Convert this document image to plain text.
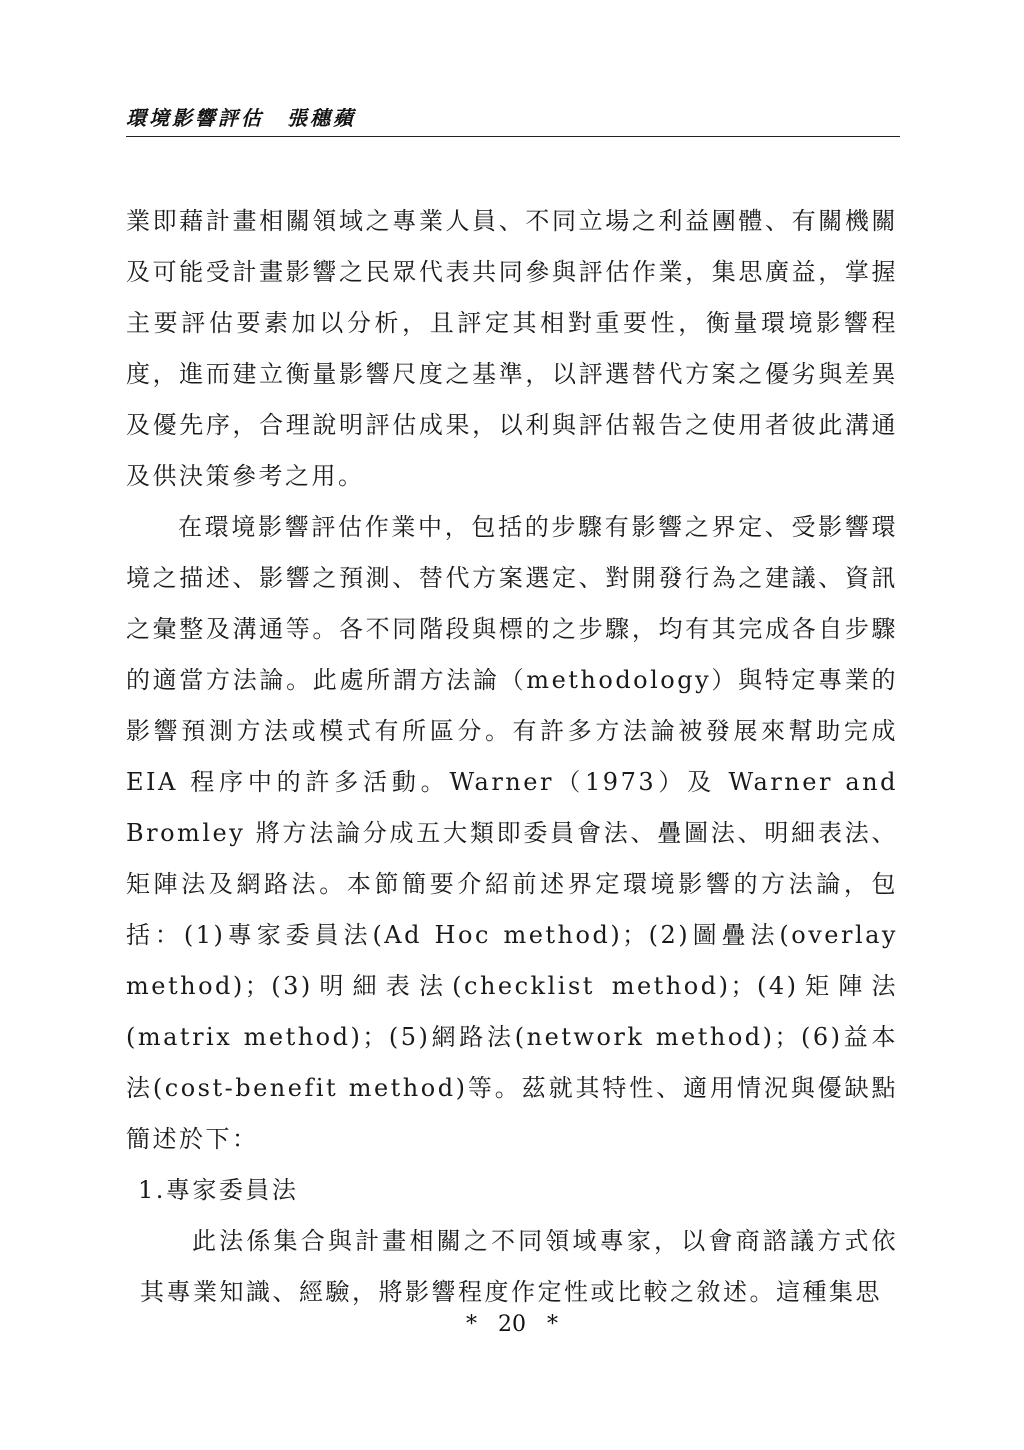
環境影響評估　張穗蘋

業即藉計畫相關領域之專業人員、不同立場之利益團體、有關機關及可能受計畫影響之民眾代表共同參與評估作業，集思廣益，掌握主要評估要素加以分析，且評定其相對重要性，衡量環境影響程度，進而建立衡量影響尺度之基準，以評選替代方案之優劣與差異及優先序，合理說明評估成果，以利與評估報告之使用者彼此溝通及供決策參考之用。

在環境影響評估作業中，包括的步驟有影響之界定、受影響環境之描述、影響之預測、替代方案選定、對開發行為之建議、資訊之彙整及溝通等。各不同階段與標的之步驟，均有其完成各自步驟的適當方法論。此處所謂方法論（methodology）與特定專業的影響預測方法或模式有所區分。有許多方法論被發展來幫助完成 EIA 程序中的許多活動。Warner（1973）及 Warner and Bromley 將方法論分成五大類即委員會法、疊圖法、明細表法、矩陣法及網路法。本節簡要介紹前述界定環境影響的方法論，包括：(1)專家委員法(Ad Hoc method)；(2)圖疊法(overlay method)；(3)明細表法(checklist method)；(4)矩陣法(matrix method)；(5)網路法(network method)；(6)益本法(cost-benefit method)等。茲就其特性、適用情況與優缺點簡述於下：

1.專家委員法

此法係集合與計畫相關之不同領域專家，以會商諮議方式依其專業知識、經驗，將影響程度作定性或比較之敘述。這種集思

* 20 *
